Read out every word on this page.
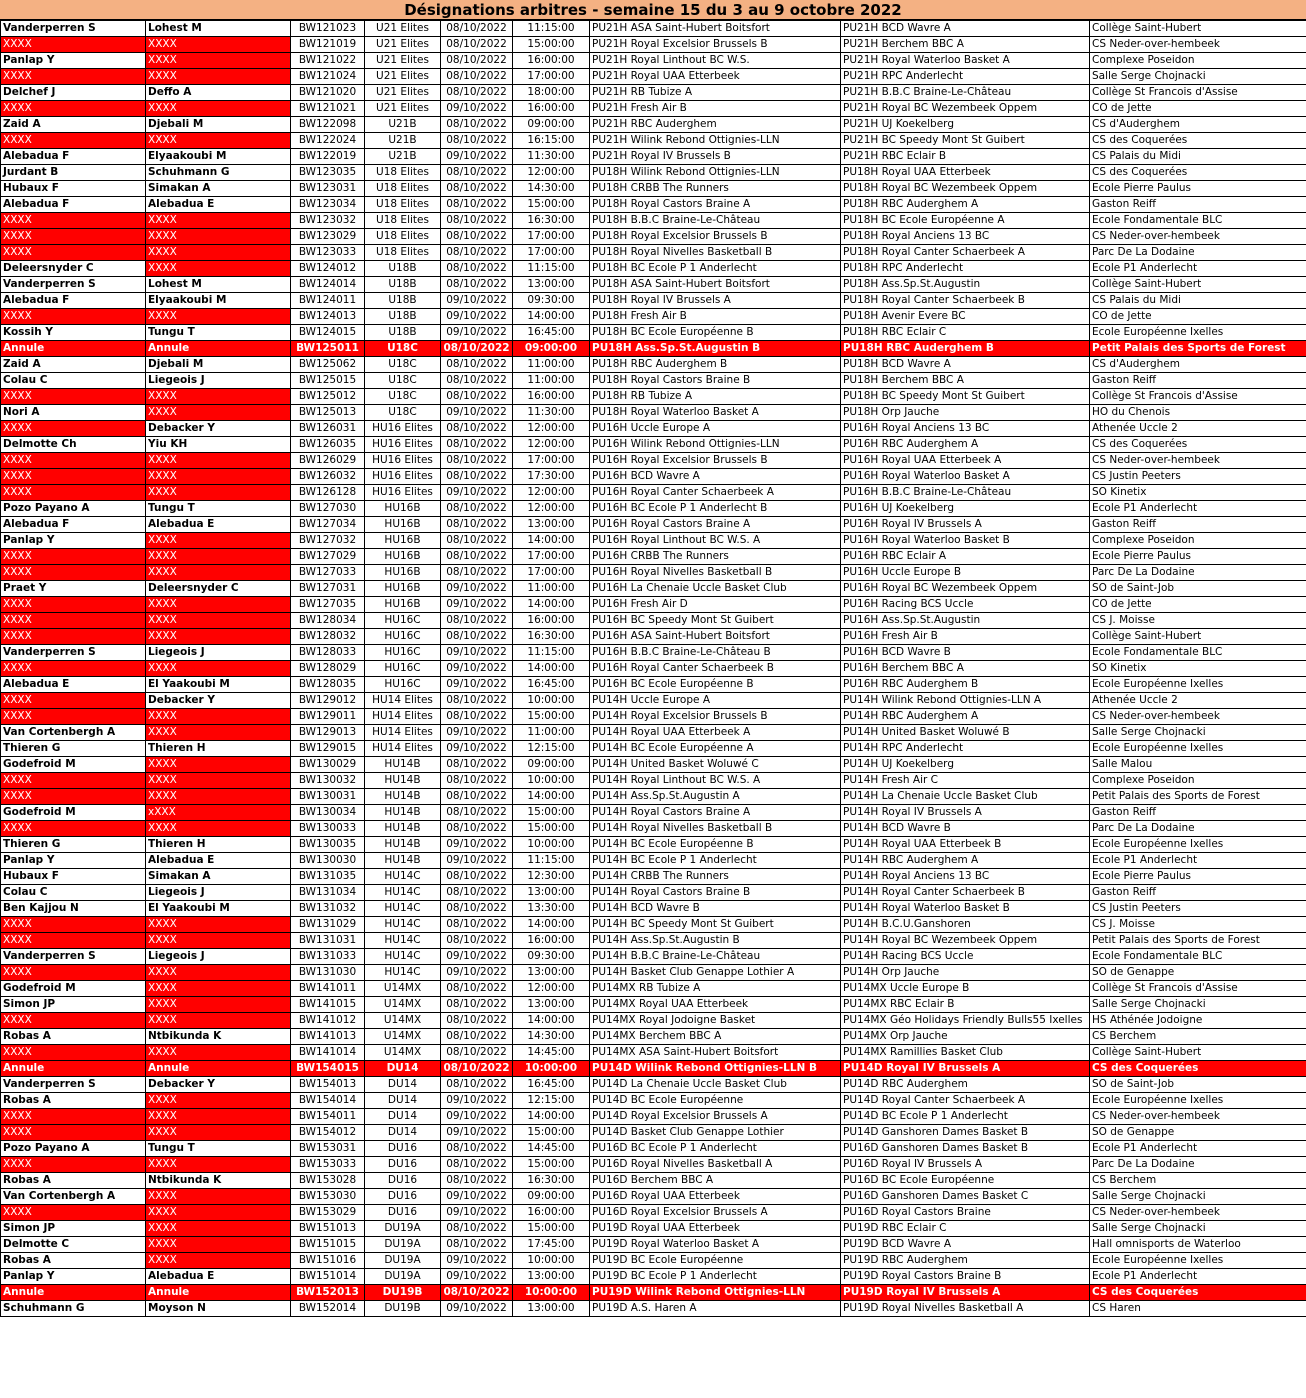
Désignations arbitres - semaine 15 du 3 au 9 octobre 2022
Vanderperren S	Lohest M	BW121023	U21 Elites	08/10/2022	11:15:00	PU21H ASA Saint-Hubert Boitsfort	PU21H BCD Wavre A	Collège Saint-Hubert
XXXX	XXXX	BW121019	U21 Elites	08/10/2022	15:00:00	PU21H Royal Excelsior Brussels B	PU21H Berchem BBC A	CS Neder-over-hembeek
Panlap Y	XXXX	BW121022	U21 Elites	08/10/2022	16:00:00	PU21H Royal Linthout BC W.S.	PU21H Royal Waterloo Basket A	Complexe Poseidon
XXXX	XXXX	BW121024	U21 Elites	08/10/2022	17:00:00	PU21H Royal UAA Etterbeek	PU21H RPC Anderlecht	Salle Serge Chojnacki
Delchef J	Deffo A	BW121020	U21 Elites	08/10/2022	18:00:00	PU21H RB Tubize A	PU21H B.B.C Braine-Le-Château	Collège St Francois d'Assise
XXXX	XXXX	BW121021	U21 Elites	09/10/2022	16:00:00	PU21H Fresh Air B	PU21H Royal BC Wezembeek Oppem	CO de Jette
Zaid A	Djebali M	BW122098	U21B	08/10/2022	09:00:00	PU21H RBC Auderghem	PU21H UJ Koekelberg	CS d'Auderghem
XXXX	XXXX	BW122024	U21B	08/10/2022	16:15:00	PU21H Wilink Rebond Ottignies-LLN	PU21H BC Speedy Mont St Guibert	CS des Coquerées
Alebadua F	Elyaakoubi M	BW122019	U21B	09/10/2022	11:30:00	PU21H Royal IV Brussels B	PU21H RBC Eclair B	CS Palais du Midi
Jurdant B	Schuhmann G	BW123035	U18 Elites	08/10/2022	12:00:00	PU18H Wilink Rebond Ottignies-LLN	PU18H Royal UAA Etterbeek	CS des Coquerées
Hubaux F	Simakan A	BW123031	U18 Elites	08/10/2022	14:30:00	PU18H CRBB The Runners	PU18H Royal BC Wezembeek Oppem	Ecole Pierre Paulus
Alebadua F	Alebadua E	BW123034	U18 Elites	08/10/2022	15:00:00	PU18H Royal Castors Braine A	PU18H RBC Auderghem A	Gaston Reiff
XXXX	XXXX	BW123032	U18 Elites	08/10/2022	16:30:00	PU18H B.B.C Braine-Le-Château	PU18H BC Ecole Européenne A	Ecole Fondamentale BLC
XXXX	XXXX	BW123029	U18 Elites	08/10/2022	17:00:00	PU18H Royal Excelsior Brussels B	PU18H Royal Anciens 13 BC	CS Neder-over-hembeek
XXXX	XXXX	BW123033	U18 Elites	08/10/2022	17:00:00	PU18H Royal Nivelles Basketball B	PU18H Royal Canter Schaerbeek A	Parc De La Dodaine
Deleersnyder C	XXXX	BW124012	U18B	08/10/2022	11:15:00	PU18H BC Ecole P 1 Anderlecht	PU18H RPC Anderlecht	Ecole P1 Anderlecht
Vanderperren S	Lohest M	BW124014	U18B	08/10/2022	13:00:00	PU18H ASA Saint-Hubert Boitsfort	PU18H Ass.Sp.St.Augustin	Collège Saint-Hubert
Alebadua F	Elyaakoubi M	BW124011	U18B	09/10/2022	09:30:00	PU18H Royal IV Brussels A	PU18H Royal Canter Schaerbeek B	CS Palais du Midi
XXXX	XXXX	BW124013	U18B	09/10/2022	14:00:00	PU18H Fresh Air B	PU18H Avenir Evere BC	CO de Jette
Kossih Y	Tungu T	BW124015	U18B	09/10/2022	16:45:00	PU18H BC Ecole Européenne B	PU18H RBC Eclair C	Ecole Européenne Ixelles
Annule	Annule	BW125011	U18C	08/10/2022	09:00:00	PU18H Ass.Sp.St.Augustin B	PU18H RBC Auderghem B	Petit Palais des Sports de Forest
Zaid A	Djebali M	BW125062	U18C	08/10/2022	11:00:00	PU18H RBC Auderghem B	PU18H BCD Wavre A	CS d'Auderghem
Colau C	Liegeois J	BW125015	U18C	08/10/2022	11:00:00	PU18H Royal Castors Braine B	PU18H Berchem BBC A	Gaston Reiff
XXXX	XXXX	BW125012	U18C	08/10/2022	16:00:00	PU18H RB Tubize A	PU18H BC Speedy Mont St Guibert	Collège St Francois d'Assise
Nori A	XXXX	BW125013	U18C	09/10/2022	11:30:00	PU18H Royal Waterloo Basket A	PU18H Orp Jauche	HO du Chenois
XXXX	Debacker Y	BW126031	HU16 Elites	08/10/2022	12:00:00	PU16H Uccle Europe A	PU16H Royal Anciens 13 BC	Athenée Uccle 2
Delmotte Ch	Yiu KH	BW126035	HU16 Elites	08/10/2022	12:00:00	PU16H Wilink Rebond Ottignies-LLN	PU16H RBC Auderghem A	CS des Coquerées
XXXX	XXXX	BW126029	HU16 Elites	08/10/2022	17:00:00	PU16H Royal Excelsior Brussels B	PU16H Royal UAA Etterbeek A	CS Neder-over-hembeek
XXXX	XXXX	BW126032	HU16 Elites	08/10/2022	17:30:00	PU16H BCD Wavre A	PU16H Royal Waterloo Basket A	CS Justin Peeters
XXXX	XXXX	BW126128	HU16 Elites	09/10/2022	12:00:00	PU16H Royal Canter Schaerbeek A	PU16H B.B.C Braine-Le-Château	SO Kinetix
Pozo Payano A	Tungu T	BW127030	HU16B	08/10/2022	12:00:00	PU16H BC Ecole P 1 Anderlecht B	PU16H UJ Koekelberg	Ecole P1 Anderlecht
Alebadua F	Alebadua E	BW127034	HU16B	08/10/2022	13:00:00	PU16H Royal Castors Braine A	PU16H Royal IV Brussels A	Gaston Reiff
Panlap Y	XXXX	BW127032	HU16B	08/10/2022	14:00:00	PU16H Royal Linthout BC W.S. A	PU16H Royal Waterloo Basket B	Complexe Poseidon
XXXX	XXXX	BW127029	HU16B	08/10/2022	17:00:00	PU16H CRBB The Runners	PU16H RBC Eclair A	Ecole Pierre Paulus
XXXX	XXXX	BW127033	HU16B	08/10/2022	17:00:00	PU16H Royal Nivelles Basketball B	PU16H Uccle Europe B	Parc De La Dodaine
Praet Y	Deleersnyder C	BW127031	HU16B	09/10/2022	11:00:00	PU16H La Chenaie Uccle Basket Club	PU16H Royal BC Wezembeek Oppem	SO de Saint-Job
XXXX	XXXX	BW127035	HU16B	09/10/2022	14:00:00	PU16H Fresh Air D	PU16H Racing BCS Uccle	CO de Jette
XXXX	XXXX	BW128034	HU16C	08/10/2022	16:00:00	PU16H BC Speedy Mont St Guibert	PU16H Ass.Sp.St.Augustin	CS J. Moisse
XXXX	XXXX	BW128032	HU16C	08/10/2022	16:30:00	PU16H ASA Saint-Hubert Boitsfort	PU16H Fresh Air B	Collège Saint-Hubert
Vanderperren S	Liegeois J	BW128033	HU16C	09/10/2022	11:15:00	PU16H B.B.C Braine-Le-Château B	PU16H BCD Wavre B	Ecole Fondamentale BLC
XXXX	XXXX	BW128029	HU16C	09/10/2022	14:00:00	PU16H Royal Canter Schaerbeek B	PU16H Berchem BBC A	SO Kinetix
Alebadua E	El Yaakoubi M	BW128035	HU16C	09/10/2022	16:45:00	PU16H BC Ecole Européenne B	PU16H RBC Auderghem B	Ecole Européenne Ixelles
XXXX	Debacker Y	BW129012	HU14 Elites	08/10/2022	10:00:00	PU14H Uccle Europe A	PU14H Wilink Rebond Ottignies-LLN A	Athenée Uccle 2
XXXX	XXXX	BW129011	HU14 Elites	08/10/2022	15:00:00	PU14H Royal Excelsior Brussels B	PU14H RBC Auderghem A	CS Neder-over-hembeek
Van Cortenbergh A	XXXX	BW129013	HU14 Elites	09/10/2022	11:00:00	PU14H Royal UAA Etterbeek A	PU14H United Basket Woluwé B	Salle Serge Chojnacki
Thieren G	Thieren H	BW129015	HU14 Elites	09/10/2022	12:15:00	PU14H BC Ecole Européenne A	PU14H RPC Anderlecht	Ecole Européenne Ixelles
Godefroid M	XXXX	BW130029	HU14B	08/10/2022	09:00:00	PU14H United Basket Woluwé C	PU14H UJ Koekelberg	Salle Malou
XXXX	XXXX	BW130032	HU14B	08/10/2022	10:00:00	PU14H Royal Linthout BC W.S. A	PU14H Fresh Air C	Complexe Poseidon
XXXX	XXXX	BW130031	HU14B	08/10/2022	14:00:00	PU14H Ass.Sp.St.Augustin A	PU14H La Chenaie Uccle Basket Club	Petit Palais des Sports de Forest
Godefroid M	xXXX	BW130034	HU14B	08/10/2022	15:00:00	PU14H Royal Castors Braine A	PU14H Royal IV Brussels A	Gaston Reiff
XXXX	XXXX	BW130033	HU14B	08/10/2022	15:00:00	PU14H Royal Nivelles Basketball B	PU14H BCD Wavre B	Parc De La Dodaine
Thieren G	Thieren H	BW130035	HU14B	09/10/2022	10:00:00	PU14H BC Ecole Européenne B	PU14H Royal UAA Etterbeek B	Ecole Européenne Ixelles
Panlap Y	Alebadua E	BW130030	HU14B	09/10/2022	11:15:00	PU14H BC Ecole P 1 Anderlecht	PU14H RBC Auderghem A	Ecole P1 Anderlecht
Hubaux F	Simakan A	BW131035	HU14C	08/10/2022	12:30:00	PU14H CRBB The Runners	PU14H Royal Anciens 13 BC	Ecole Pierre Paulus
Colau C	Liegeois J	BW131034	HU14C	08/10/2022	13:00:00	PU14H Royal Castors Braine B	PU14H Royal Canter Schaerbeek B	Gaston Reiff
Ben Kajjou N	El Yaakoubi M	BW131032	HU14C	08/10/2022	13:30:00	PU14H BCD Wavre B	PU14H Royal Waterloo Basket B	CS Justin Peeters
XXXX	XXXX	BW131029	HU14C	08/10/2022	14:00:00	PU14H BC Speedy Mont St Guibert	PU14H B.C.U.Ganshoren	CS J. Moisse
XXXX	XXXX	BW131031	HU14C	08/10/2022	16:00:00	PU14H Ass.Sp.St.Augustin B	PU14H Royal BC Wezembeek Oppem	Petit Palais des Sports de Forest
Vanderperren S	Liegeois J	BW131033	HU14C	09/10/2022	09:30:00	PU14H B.B.C Braine-Le-Château	PU14H Racing BCS Uccle	Ecole Fondamentale BLC
XXXX	XXXX	BW131030	HU14C	09/10/2022	13:00:00	PU14H Basket Club Genappe Lothier A	PU14H Orp Jauche	SO de Genappe
Godefroid M	XXXX	BW141011	U14MX	08/10/2022	12:00:00	PU14MX RB Tubize A	PU14MX Uccle Europe B	Collège St Francois d'Assise
Simon JP	XXXX	BW141015	U14MX	08/10/2022	13:00:00	PU14MX Royal UAA Etterbeek	PU14MX RBC Eclair B	Salle Serge Chojnacki
XXXX	XXXX	BW141012	U14MX	08/10/2022	14:00:00	PU14MX Royal Jodoigne Basket	PU14MX Géo Holidays Friendly Bulls55 Ixelles	HS Athénée Jodoigne
Robas A	Ntbikunda K	BW141013	U14MX	08/10/2022	14:30:00	PU14MX Berchem BBC A	PU14MX Orp Jauche	CS Berchem
XXXX	XXXX	BW141014	U14MX	08/10/2022	14:45:00	PU14MX ASA Saint-Hubert Boitsfort	PU14MX Ramillies Basket Club	Collège Saint-Hubert
Annule	Annule	BW154015	DU14	08/10/2022	10:00:00	PU14D Wilink Rebond Ottignies-LLN B	PU14D Royal IV Brussels A	CS des Coquerées
Vanderperren S	Debacker Y	BW154013	DU14	08/10/2022	16:45:00	PU14D La Chenaie Uccle Basket Club	PU14D RBC Auderghem	SO de Saint-Job
Robas A	XXXX	BW154014	DU14	09/10/2022	12:15:00	PU14D BC Ecole Européenne	PU14D Royal Canter Schaerbeek A	Ecole Européenne Ixelles
XXXX	XXXX	BW154011	DU14	09/10/2022	14:00:00	PU14D Royal Excelsior Brussels A	PU14D BC Ecole P 1 Anderlecht	CS Neder-over-hembeek
XXXX	XXXX	BW154012	DU14	09/10/2022	15:00:00	PU14D Basket Club Genappe Lothier	PU14D Ganshoren Dames Basket B	SO de Genappe
Pozo Payano A	Tungu T	BW153031	DU16	08/10/2022	14:45:00	PU16D BC Ecole P 1 Anderlecht	PU16D Ganshoren Dames Basket B	Ecole P1 Anderlecht
XXXX	XXXX	BW153033	DU16	08/10/2022	15:00:00	PU16D Royal Nivelles Basketball A	PU16D Royal IV Brussels A	Parc De La Dodaine
Robas A	Ntbikunda K	BW153028	DU16	08/10/2022	16:30:00	PU16D Berchem BBC A	PU16D BC Ecole Européenne	CS Berchem
Van Cortenbergh A	XXXX	BW153030	DU16	09/10/2022	09:00:00	PU16D Royal UAA Etterbeek	PU16D Ganshoren Dames Basket C	Salle Serge Chojnacki
XXXX	XXXX	BW153029	DU16	09/10/2022	16:00:00	PU16D Royal Excelsior Brussels A	PU16D Royal Castors Braine	CS Neder-over-hembeek
Simon JP	XXXX	BW151013	DU19A	08/10/2022	15:00:00	PU19D Royal UAA Etterbeek	PU19D RBC Eclair C	Salle Serge Chojnacki
Delmotte C	XXXX	BW151015	DU19A	08/10/2022	17:45:00	PU19D Royal Waterloo Basket A	PU19D BCD Wavre A	Hall omnisports de Waterloo
Robas A	XXXX	BW151016	DU19A	09/10/2022	10:00:00	PU19D BC Ecole Européenne	PU19D RBC Auderghem	Ecole Européenne Ixelles
Panlap Y	Alebadua E	BW151014	DU19A	09/10/2022	13:00:00	PU19D BC Ecole P 1 Anderlecht	PU19D Royal Castors Braine B	Ecole P1 Anderlecht
Annule	Annule	BW152013	DU19B	08/10/2022	10:00:00	PU19D Wilink Rebond Ottignies-LLN	PU19D Royal IV Brussels A	CS des Coquerées
Schuhmann G	Moyson N	BW152014	DU19B	09/10/2022	13:00:00	PU19D A.S. Haren A	PU19D Royal Nivelles Basketball A	CS Haren
